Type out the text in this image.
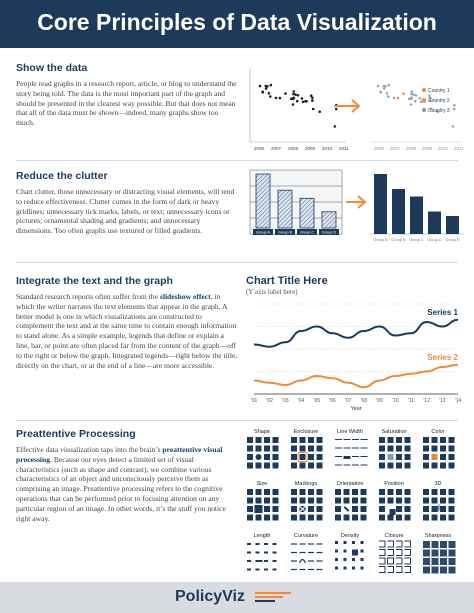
Core Principles of Data Visualization
Show the data

People read graphs in a research report, article, or blog to understand the story being told. The data is the most important part of the graph and should be presented in the clearest way possible. But that does not mean that all of the data must be shown—indeed, many graphs show too much.

2006 2007 2008 2009 2010 2011	2006 2007 2008 2009 2010 2011
Country 1
Country 2
Country 3
Reduce the clutter

Chart clutter, those unnecessary or distracting visual elements, will tend to reduce effectiveness. Clutter comes in the form of dark or heavy gridlines; unnecessary tick marks, labels, or text; unnecessary icons or pictures; ornamental shading and gradients; and unnecessary dimensions. Too often graphs use textured or filled gradients.	Group A Group B Group C Group D
Group A Group B Group C Group D Group E
Integrate the text and the graph

Standard research reports often suffer from the slideshow effect, in which the writer narrates the text elements that appear in the graph. A better model is one in which visualizations are constructed to complement the text and at the same time to contain enough information to stand alone. As a simple example, legends that define or explain a line, bar, or point are often placed far from the content of the graph—off to the right or below the graph. Integrated legends—right below the title, directly on the chart, or at the end of a line—are more accessible.

Chart Title Here
(Y axis label here)
Series 1
Series 2
'01 '02 '03 '04 '05 '06 '07 '08 '09 '10 '11 '12 '13 '14
Year
Preattentive Processing

Effective data visualization taps into the brain’s preattentive visual processing. Because our eyes detect a limited set of visual characteristics (such as shape and contrast), we combine various characteristics of an object and unconsciously perceive them as comprising an image. Preattentive processing refers to the cognitive operations that can be performed prior to focusing attention on any particular region of an image. In other words, it’s the stuff you notice right away.

Shape	Enclosure	Line Width	Saturation	Color
Size	Markings	Orientation	Position	3D
Length	Curvature	Density	Closure	Sharpness
PolicyViz
